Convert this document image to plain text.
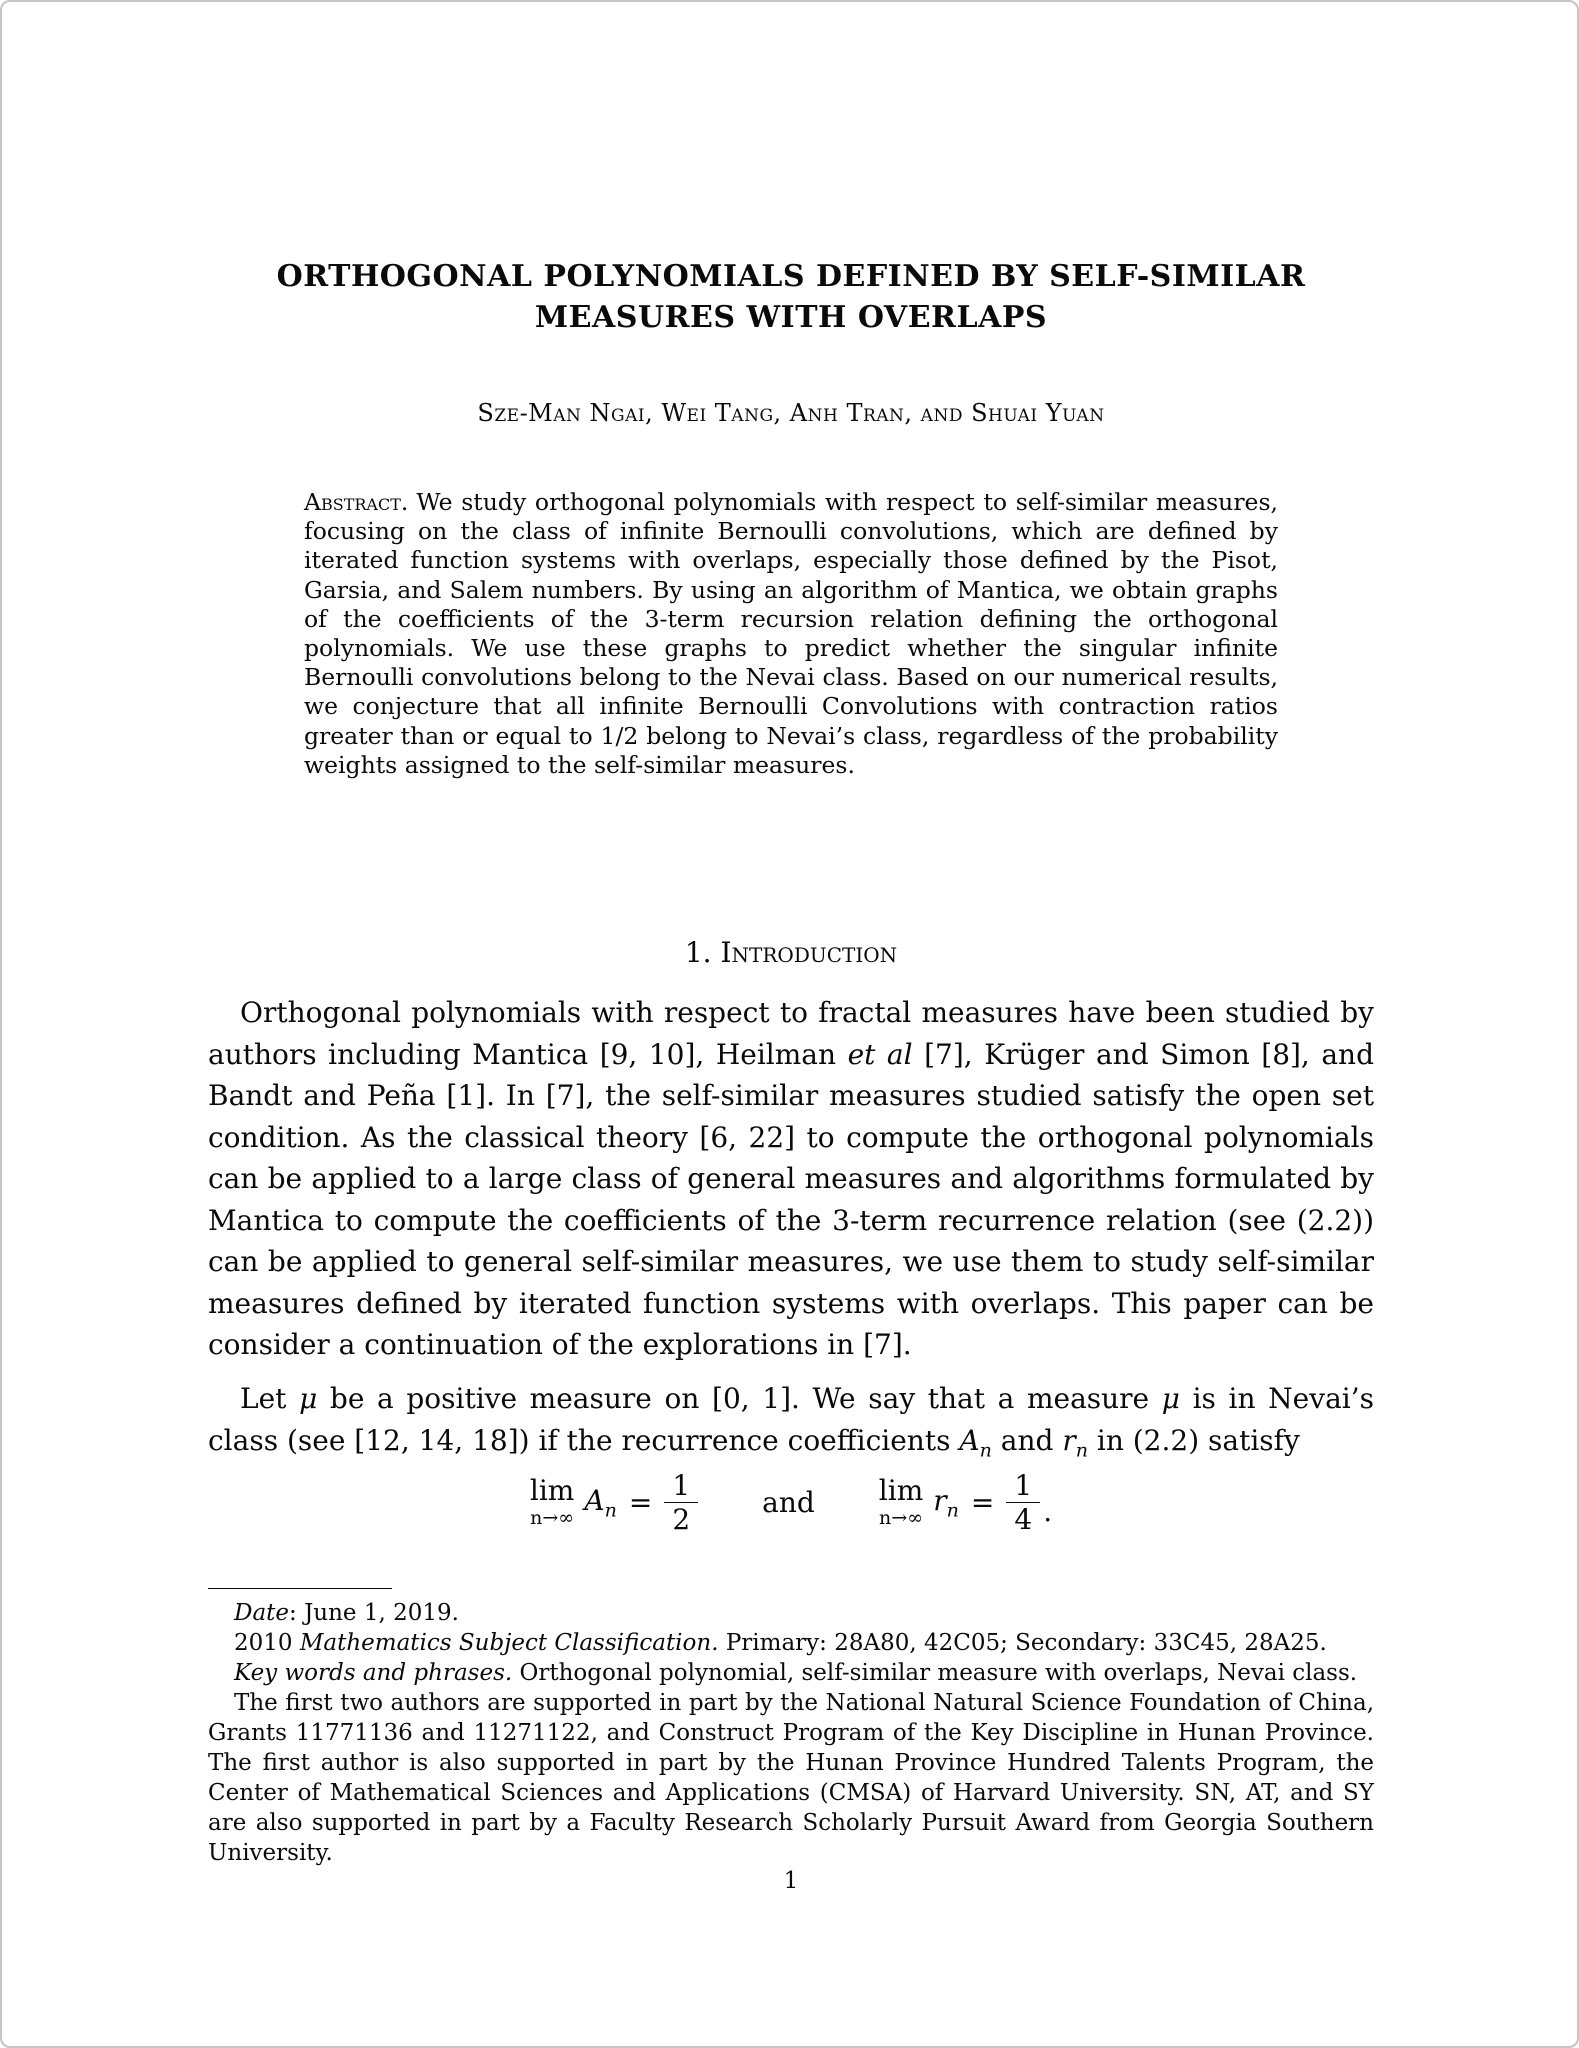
ORTHOGONAL POLYNOMIALS DEFINED BY SELF-SIMILAR
MEASURES WITH OVERLAPS
Sze-Man Ngai, Wei Tang, Anh Tran, and Shuai Yuan
Abstract. We study orthogonal polynomials with respect to self-similar measures, focusing on the class of infinite Bernoulli convolutions, which are defined by iterated function systems with overlaps, especially those defined by the Pisot, Garsia, and Salem numbers. By using an algorithm of Mantica, we obtain graphs of the coefficients of the 3-term recursion relation defining the orthogonal polynomials. We use these graphs to predict whether the singular infinite Bernoulli convolutions belong to the Nevai class. Based on our numerical results, we conjecture that all infinite Bernoulli Convolutions with contraction ratios greater than or equal to 1/2 belong to Nevai’s class, regardless of the probability weights assigned to the self-similar measures.
1. Introduction

Orthogonal polynomials with respect to fractal measures have been studied by authors including Mantica [9, 10], Heilman et al [7], Krüger and Simon [8], and Bandt and Peña [1]. In [7], the self-similar measures studied satisfy the open set condition. As the classical theory [6, 22] to compute the orthogonal polynomials can be applied to a large class of general measures and algorithms formulated by Mantica to compute the coefficients of the 3-term recurrence relation (see (2.2)) can be applied to general self-similar measures, we use them to study self-similar measures defined by iterated function systems with overlaps. This paper can be consider a continuation of the explorations in [7].

Let μ be a positive measure on [0, 1]. We say that a measure μ is in Nevai’s class (see [12, 14, 18]) if the recurrence coefficients $A_n$ and $r_n$ in (2.2) satisfy

lim
n→∞
$A_n = \frac{1}{2}$ and lim
n→∞
$r_n = \frac{1}{4}$ .

Date: June 1, 2019.

2010 Mathematics Subject Classification. Primary: 28A80, 42C05; Secondary: 33C45, 28A25.

Key words and phrases. Orthogonal polynomial, self-similar measure with overlaps, Nevai class.

The first two authors are supported in part by the National Natural Science Foundation of China, Grants 11771136 and 11271122, and Construct Program of the Key Discipline in Hunan Province. The first author is also supported in part by the Hunan Province Hundred Talents Program, the Center of Mathematical Sciences and Applications (CMSA) of Harvard University. SN, AT, and SY are also supported in part by a Faculty Research Scholarly Pursuit Award from Georgia Southern University.

1
